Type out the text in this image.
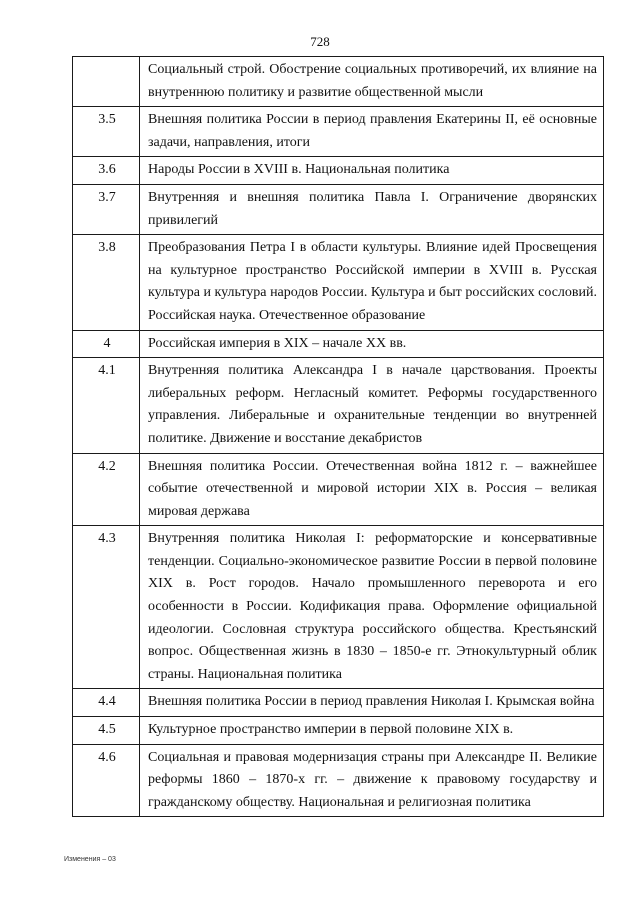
728
	Социальный строй. Обострение социальных противоречий, их влияние на внутреннюю политику и развитие общественной мысли
3.5	Внешняя политика России в период правления Екатерины II, её основные задачи, направления, итоги
3.6	Народы России в XVIII в. Национальная политика
3.7	Внутренняя и внешняя политика Павла I. Ограничение дворянских привилегий
3.8	Преобразования Петра I в области культуры. Влияние идей Просвещения на культурное пространство Российской империи в XVIII в. Русская культура и культура народов России. Культура и быт российских сословий. Российская наука. Отечественное образование
4	Российская империя в XIX – начале XX вв.
4.1	Внутренняя политика Александра I в начале царствования. Проекты либеральных реформ. Негласный комитет. Реформы государственного управления. Либеральные и охранительные тенденции во внутренней политике. Движение и восстание декабристов
4.2	Внешняя политика России. Отечественная война 1812 г. – важнейшее событие отечественной и мировой истории XIX в. Россия – великая мировая держава
4.3	Внутренняя политика Николая I: реформаторские и консервативные тенденции. Социально-экономическое развитие России в первой половине XIX в. Рост городов. Начало промышленного переворота и его особенности в России. Кодификация права. Оформление официальной идеологии. Сословная структура российского общества. Крестьянский вопрос. Общественная жизнь в 1830 – 1850-е гг. Этнокультурный облик страны. Национальная политика
4.4	Внешняя политика России в период правления Николая I. Крымская война
4.5	Культурное пространство империи в первой половине XIX в.
4.6	Социальная и правовая модернизация страны при Александре II. Великие реформы 1860 – 1870-х гг. – движение к правовому государству и гражданскому обществу. Национальная и религиозная политика
Изменения – 03
